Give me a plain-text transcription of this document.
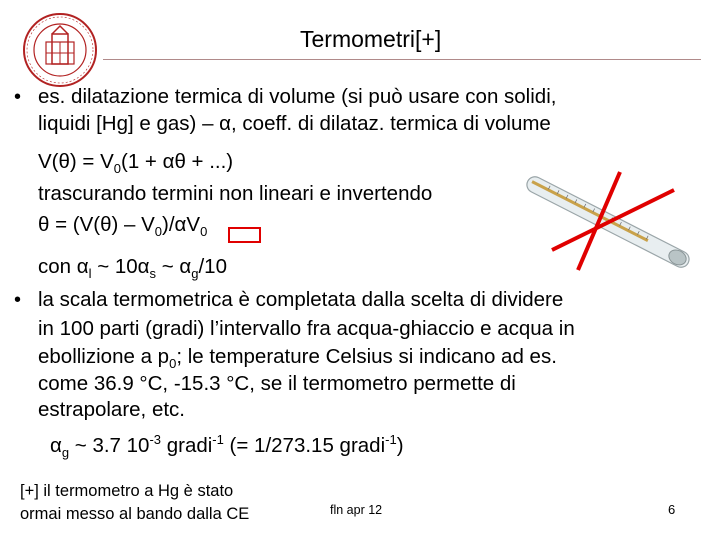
Termometri[+]
• es. dilatazione termica di volume (si può usare con solidi,
liquidi [Hg] e gas) – α, coeff. di dilataz. termica di volume
$V(\theta) = V_0(1 + \alpha\theta$ + ...)
trascurando termini non lineari e invertendo
$\theta = (V(\theta) - V_0)/\alpha V_0$
con $\alpha_l$ ~ $10\alpha_s$ ~ $\alpha_g/10$
• la scala termometrica è completata dalla scelta di dividere
in 100 parti (gradi) l’intervallo fra acqua-ghiaccio e acqua in
ebollizione a $p_0$; le temperature Celsius si indicano ad es.
come 36.9 °C, -15.3 °C, se il termometro permette di
estrapolare, etc.
$\alpha_g$ ~ 3.7 $10^{-3}$ gradi$^{-1}$ (= 1/273.15 gradi$^{-1}$)
[+] il termometro a Hg è stato
ormai messo al bando dalla CE	fln apr 12	6
